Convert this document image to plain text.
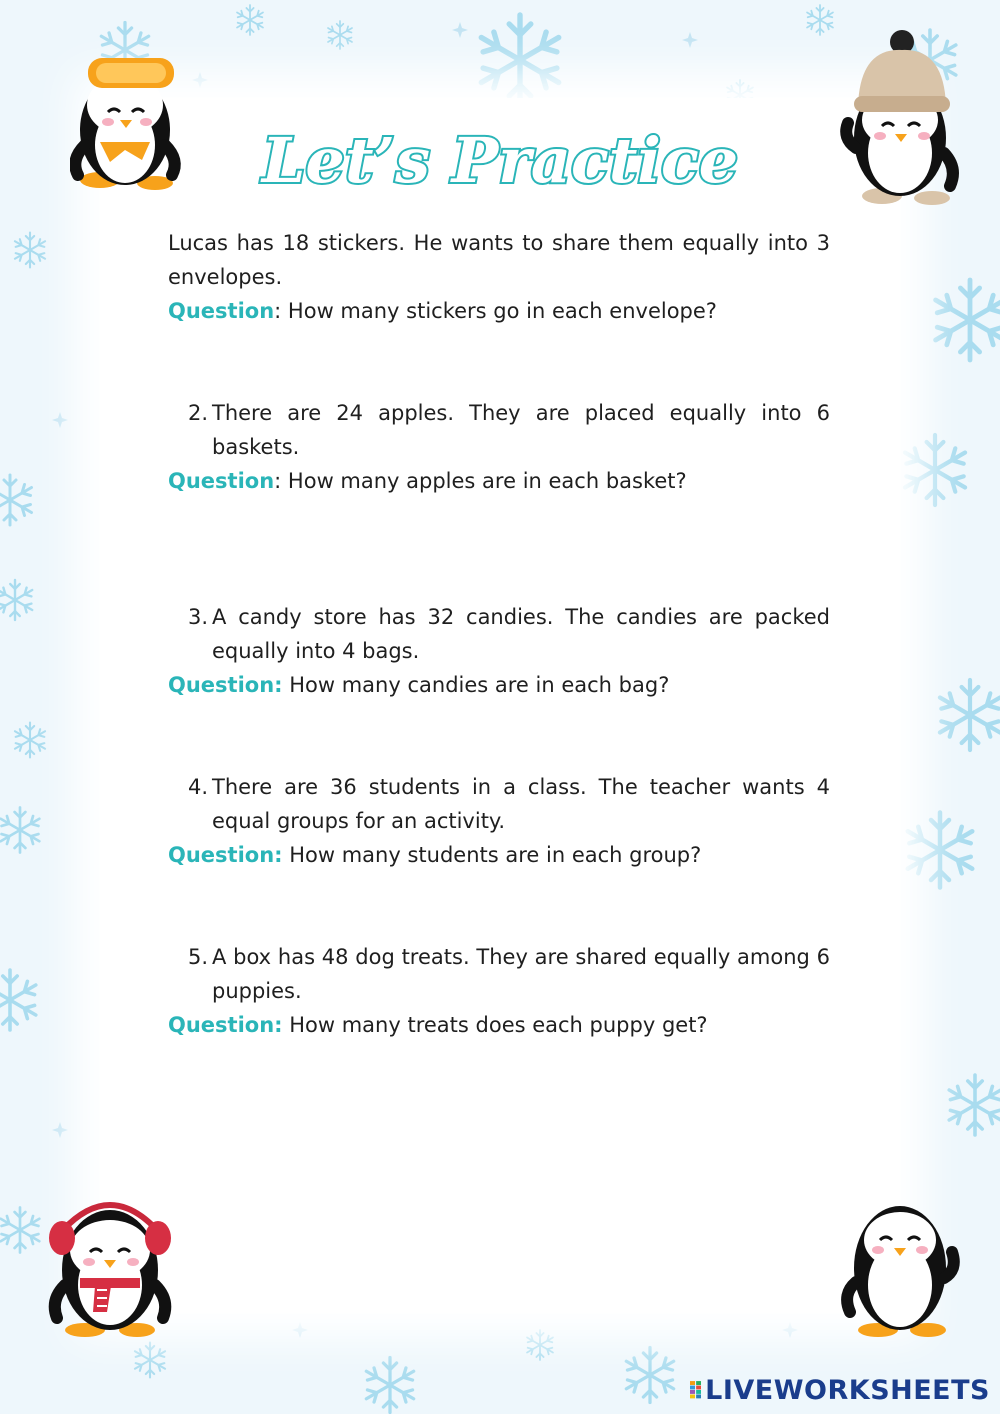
Let’s Practice

Lucas has 18 stickers. He wants to share them equally into 3 envelopes.

Question: How many stickers go in each envelope?

2. There are 24 apples. They are placed equally into 6 baskets.

Question: How many apples are in each basket?

3. A candy store has 32 candies. The candies are packed equally into 4 bags.

Question: How many candies are in each bag?

4. There are 36 students in a class. The teacher wants 4 equal groups for an activity.

Question: How many students are in each group?

5. A box has 48 dog treats. They are shared equally among 6 puppies.

Question: How many treats does each puppy get?

LIVEWORKSHEETS
